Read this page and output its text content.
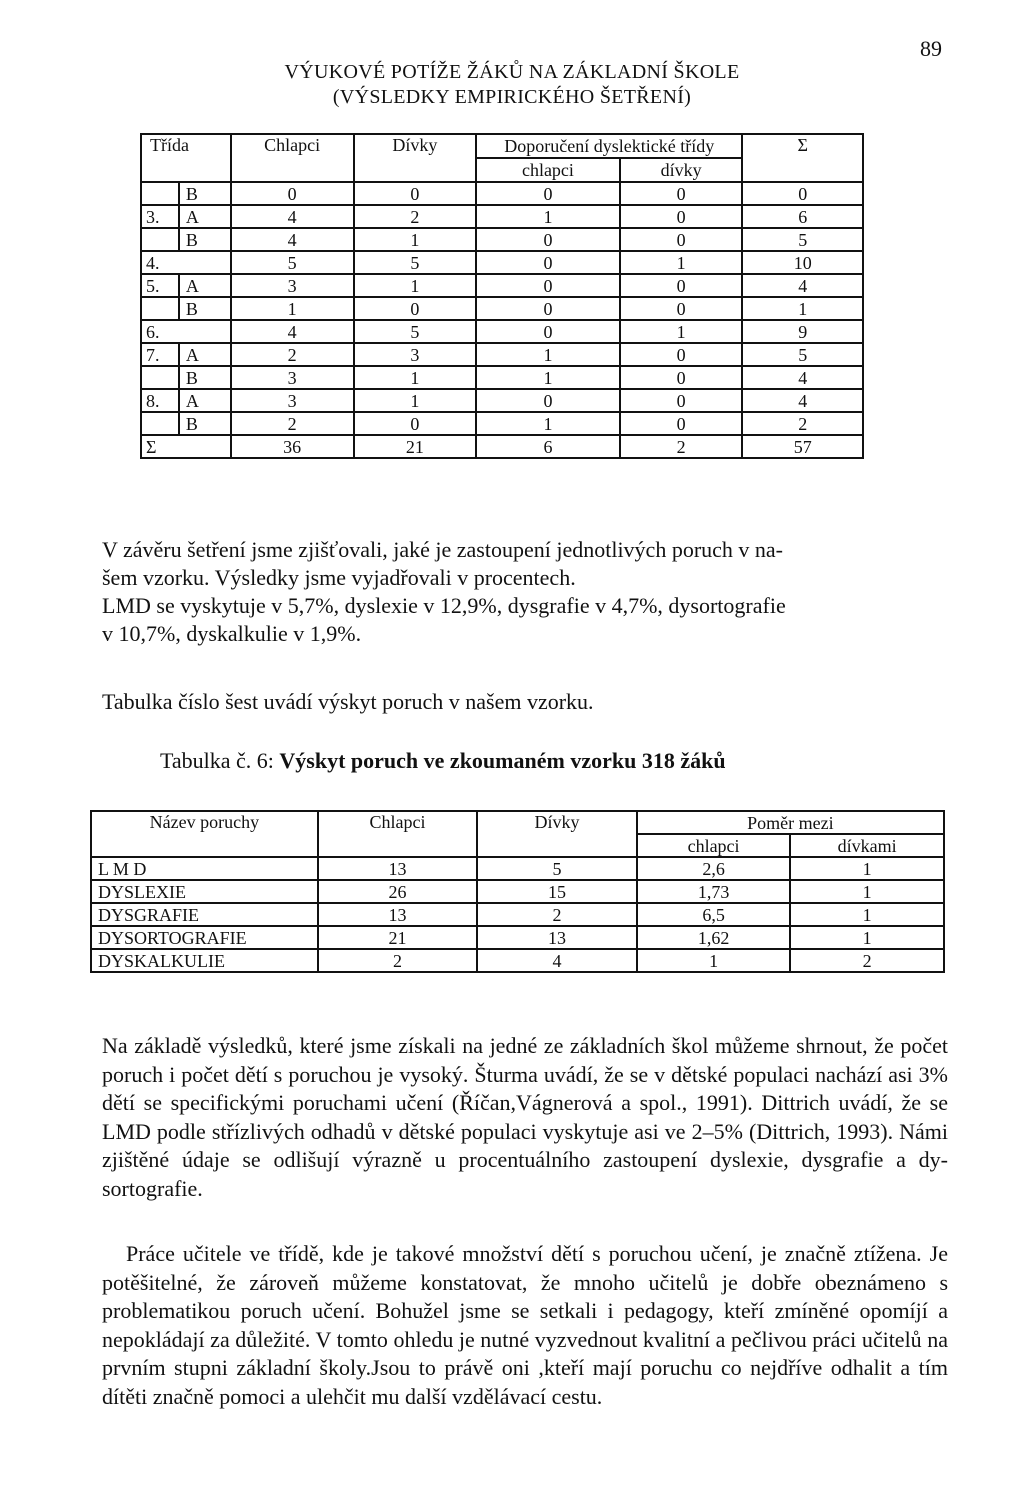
89
VÝUKOVÉ POTÍŽE ŽÁKŮ NA ZÁKLADNÍ ŠKOLE
(VÝSLEDKY EMPIRICKÉHO ŠETŘENÍ)
Třída		Chlapci	Dívky	Doporučení dyslektické třídy		Σ
				chlapci	dívky	
	B	0	0	0	0	0
3.	A	4	2	1	0	6
	B	4	1	0	0	5
4.		5	5	0	1	10
5.	A	3	1	0	0	4
	B	1	0	0	0	1
6.		4	5	0	1	9
7.	A	2	3	1	0	5
	B	3	1	1	0	4
8.	A	3	1	0	0	4
	B	2	0	1	0	2
Σ		36	21	6	2	57
V závěru šetření jsme zjišťovali, jaké je zastoupení jednotlivých poruch v na-
šem vzorku. Výsledky jsme vyjadřovali v procentech.
LMD se vyskytuje v 5,7%, dyslexie v 12,9%, dysgrafie v 4,7%, dysortografie
v 10,7%, dyskalkulie v 1,9%.
Tabulka číslo šest uvádí výskyt poruch v našem vzorku.
Tabulka č. 6: Výskyt poruch ve zkoumaném vzorku 318 žáků
Název poruchy	Chlapci	Dívky	Poměr mezi	
			chlapci	dívkami
L M D	13	5	2,6	1
DYSLEXIE	26	15	1,73	1
DYSGRAFIE	13	2	6,5	1
DYSORTOGRAFIE	21	13	1,62	1
DYSKALKULIE	2	4	1	2

Na základě výsledků, které jsme získali na jedné ze základních škol můžeme shrnout, že počet poruch i počet dětí s poruchou je vysoký. Šturma uvádí, že se v dětské populaci nachází asi 3% dětí se specifickými poruchami učení (Říčan,Vágnerová a spol., 1991). Dittrich uvádí, že se LMD podle střízlivých odhadů v dětské populaci vyskytuje asi ve 2–5% (Dittrich, 1993). Námi zjištěné údaje se odlišují výrazně u procentuálního zastoupení dyslexie, dysgrafie a dy-sortografie.

Práce učitele ve třídě, kde je takové množství dětí s poruchou učení, je značně ztížena. Je potěšitelné, že zároveň můžeme konstatovat, že mnoho učitelů je dobře obeznámeno s problematikou poruch učení. Bohužel jsme se setkali i pedagogy, kteří zmíněné opomíjí a nepokládají za důležité. V tomto ohledu je nutné vyzvednout kvalitní a pečlivou práci učitelů na prvním stupni základní školy.Jsou to právě oni ,kteří mají poruchu co nejdříve odhalit a tím dítěti značně pomoci a ulehčit mu další vzdělávací cestu.
